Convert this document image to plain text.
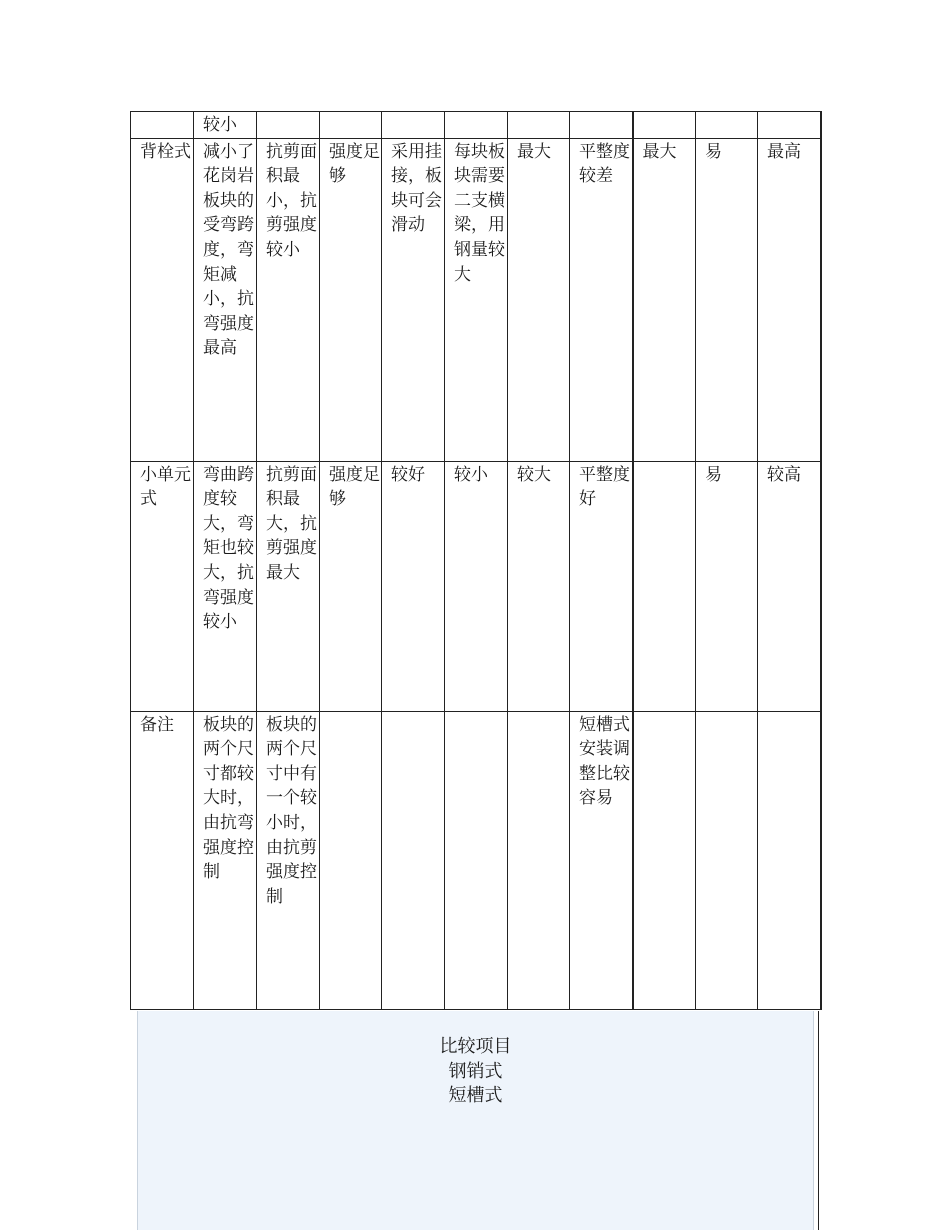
	较小									

背栓式	减小了花岗岩板块的受弯跨度，弯矩减小，抗弯强度最高	抗剪面积最小，抗剪强度较小	强度足够	采用挂接，板块可会滑动	每块板块需要二支横梁，用钢量较大	最大	平整度较差	最大	易	最高

小单元式	弯曲跨度较大，弯矩也较大，抗弯强度较小	抗剪面积最大，抗剪强度最大	强度足够	较好	较小	较大	平整度好		易	较高

备注	板块的两个尺寸都较大时，由抗弯强度控制	板块的两个尺寸中有一个较小时，由抗剪强度控制					短槽式安装调整比较容易			

比较项目
钢销式
短槽式
